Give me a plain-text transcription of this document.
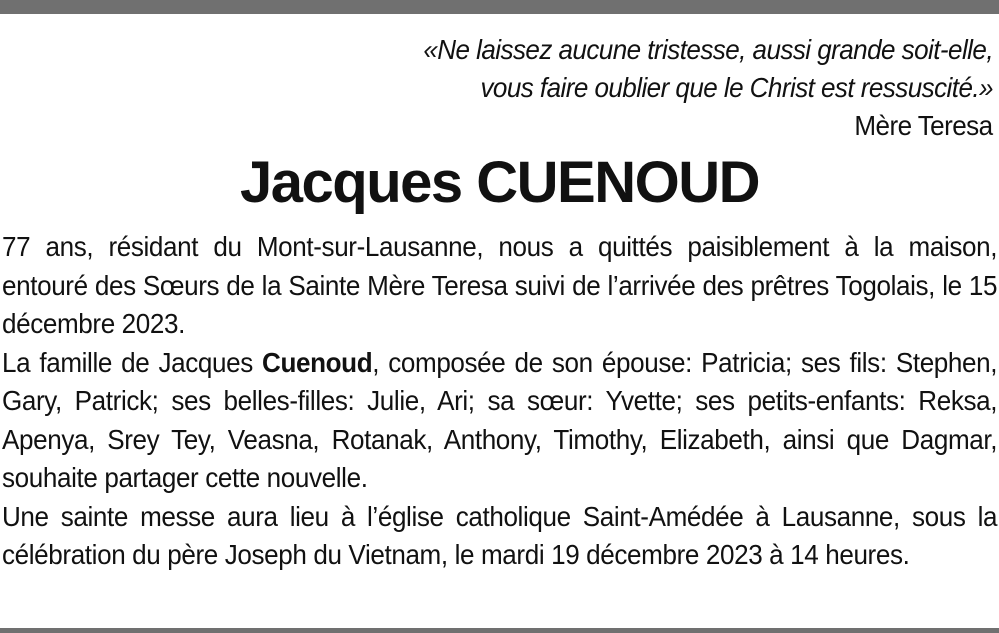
«Ne laissez aucune tristesse, aussi grande soit-elle,
vous faire oublier que le Christ est ressuscité.»
Mère Teresa
Jacques CUENOUD

77 ans, résidant du Mont-sur-Lausanne, nous a quittés paisiblement à la maison, entouré des Sœurs de la Sainte Mère Teresa suivi de l’arrivée des prêtres Togolais, le 15 décembre 2023.

La famille de Jacques Cuenoud, composée de son épouse: Patricia; ses fils: Stephen, Gary, Patrick; ses belles-filles: Julie, Ari; sa sœur: Yvette; ses petits-enfants: Reksa, Apenya, Srey Tey, Veasna, Rotanak, Anthony, Timothy, Elizabeth, ainsi que Dagmar, souhaite partager cette nouvelle.

Une sainte messe aura lieu à l’église catholique Saint-Amédée à Lausanne, sous la célébration du père Joseph du Vietnam, le mardi 19 décembre 2023 à 14 heures.
